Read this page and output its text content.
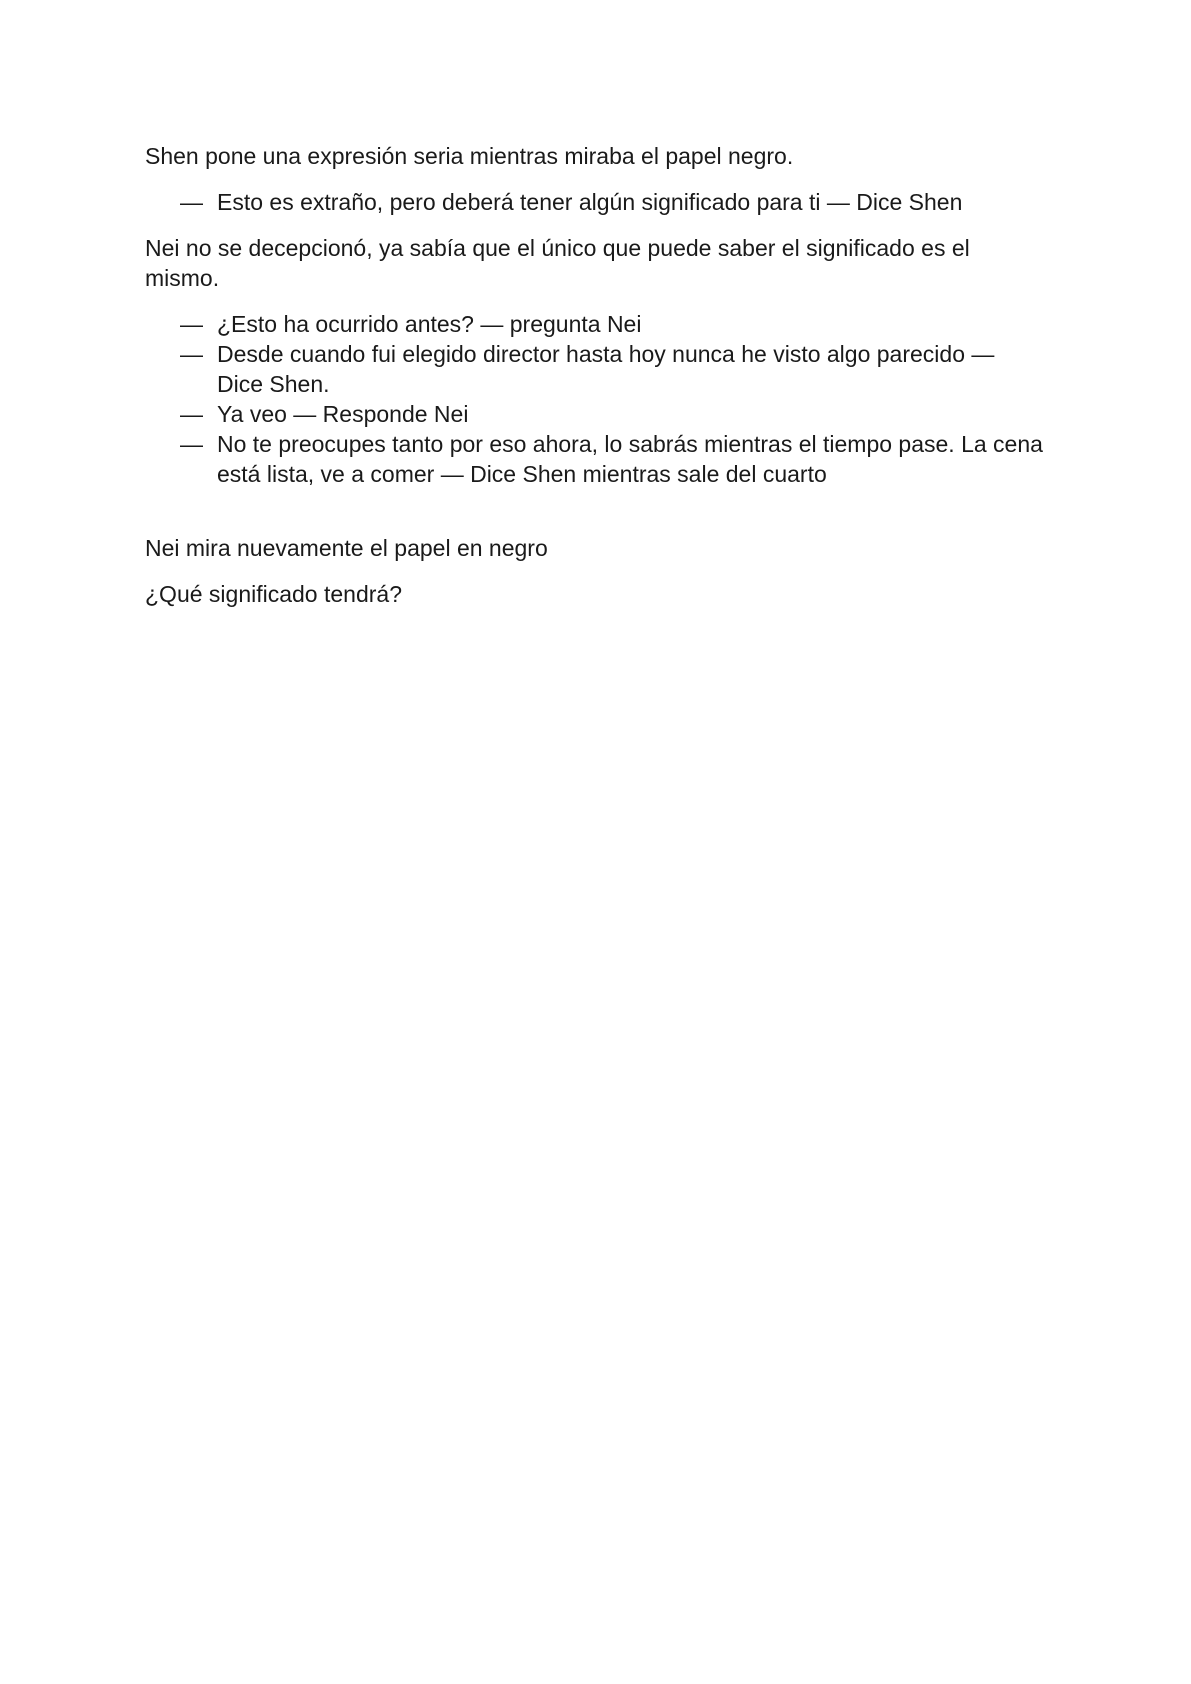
Shen pone una expresión seria mientras miraba el papel negro.

— Esto es extraño, pero deberá tener algún significado para ti — Dice Shen

Nei no se decepcionó, ya sabía que el único que puede saber el significado es el mismo.

— ¿Esto ha ocurrido antes? — pregunta Nei
— Desde cuando fui elegido director hasta hoy nunca he visto algo parecido — Dice Shen.
— Ya veo — Responde Nei
— No te preocupes tanto por eso ahora, lo sabrás mientras el tiempo pase. La cena está lista, ve a comer — Dice Shen mientras sale del cuarto

Nei mira nuevamente el papel en negro

¿Qué significado tendrá?
